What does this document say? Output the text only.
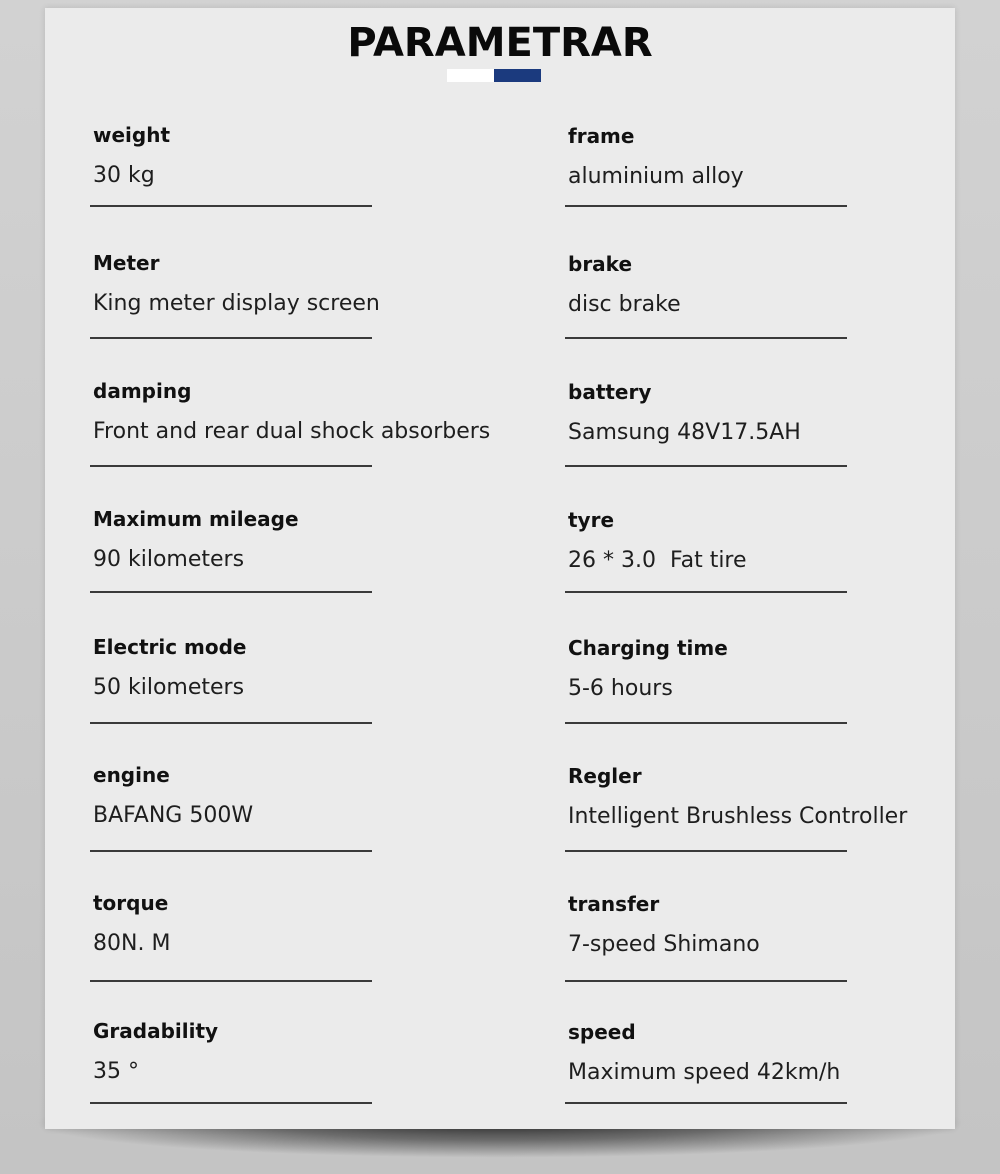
PARAMETRAR
weight
30 kg
Meter
King meter display screen
damping
Front and rear dual shock absorbers
Maximum mileage
90 kilometers
Electric mode
50 kilometers
engine
BAFANG 500W
torque
80N. M
Gradability
35 °
frame
aluminium alloy
brake
disc brake
battery
Samsung 48V17.5AH
tyre
26 * 3.0  Fat tire
Charging time
5-6 hours
Regler
Intelligent Brushless Controller
transfer
7-speed Shimano
speed
Maximum speed 42km/h
